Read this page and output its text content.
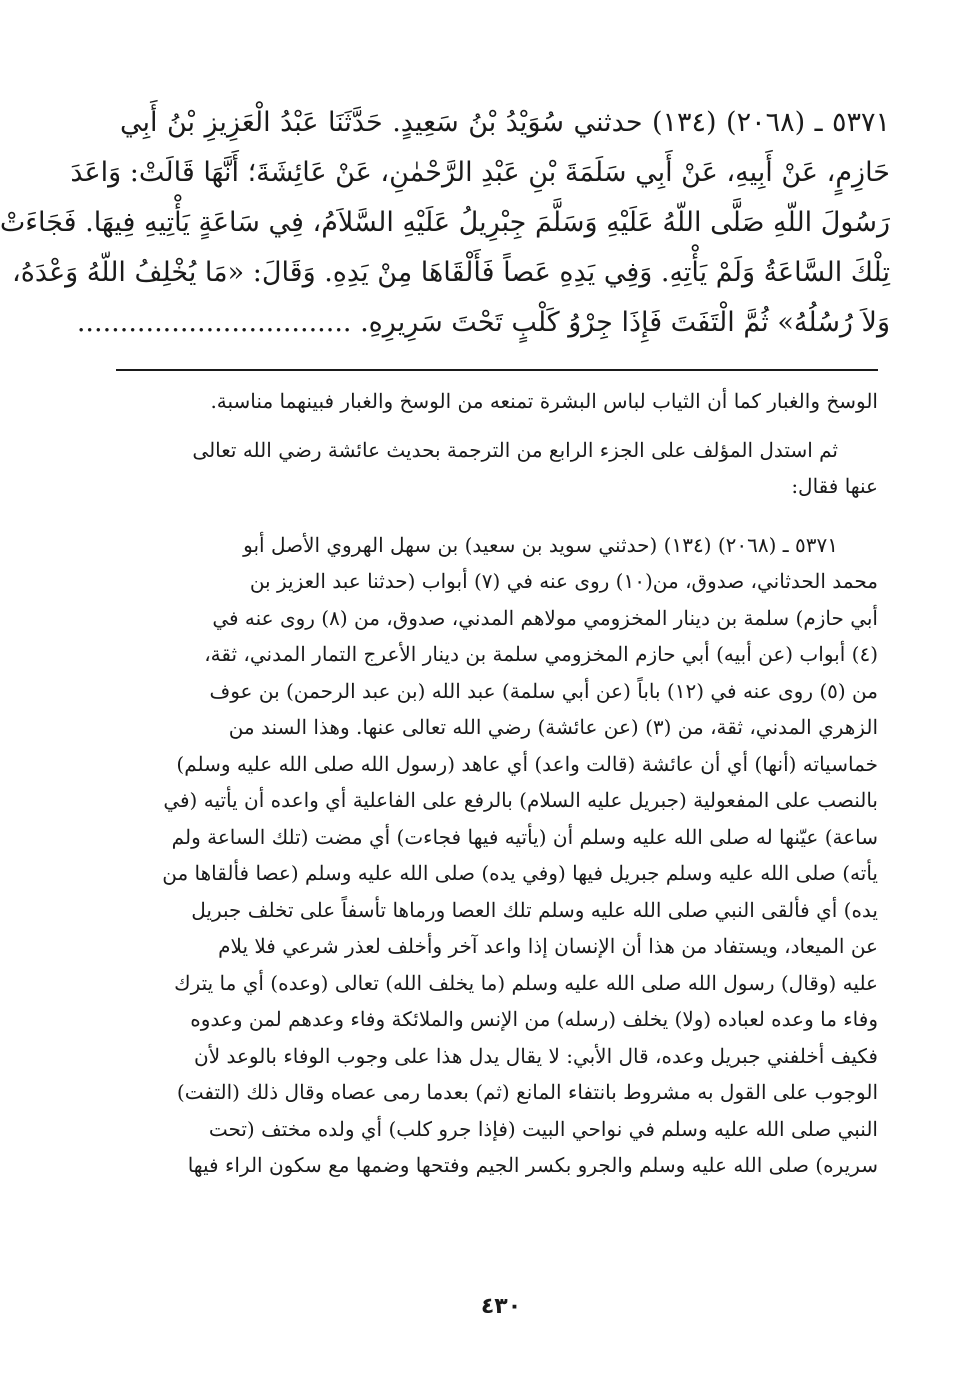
٥٣٧١ ـ (٢٠٦٨) (١٣٤) حدثني سُوَيْدُ بْنُ سَعِيدٍ. حَدَّثَنَا عَبْدُ الْعَزِيزِ بْنُ أَبِي
حَازِمٍ، عَنْ أَبِيهِ، عَنْ أَبِي سَلَمَةَ بْنِ عَبْدِ الرَّحْمٰنِ، عَنْ عَائِشَةَ؛ أَنَّهَا قَالَتْ: وَاعَدَ
رَسُولَ اللّهِ صَلَّى اللّهُ عَلَيْهِ وَسَلَّمَ جِبْرِيلُ عَلَيْهِ السَّلاَمُ، فِي سَاعَةٍ يَأْتِيهِ فِيهَا. فَجَاءَتْ
تِلْكَ السَّاعَةُ وَلَمْ يَأْتِهِ. وَفِي يَدِهِ عَصاً فَأَلْقَاهَا مِنْ يَدِهِ. وَقَالَ: «مَا يُخْلِفُ اللّهُ وَعْدَهُ،
وَلاَ رُسُلُهُ» ثُمَّ الْتَفَتَ فَإِذَا جِرْوُ كَلْبٍ تَحْتَ سَرِيرِهِ. ................................
الوسخ والغبار كما أن الثياب لباس البشرة تمنعه من الوسخ والغبار فبينهما مناسبة.
ثم استدل المؤلف على الجزء الرابع من الترجمة بحديث عائشة رضي الله تعالى
عنها فقال:
٥٣٧١ ـ (٢٠٦٨) (١٣٤) (حدثني سويد بن سعيد) بن سهل الهروي الأصل أبو
محمد الحدثاني، صدوق، من(١٠) روى عنه في (٧) أبواب (حدثنا عبد العزيز بن
أبي حازم) سلمة بن دينار المخزومي مولاهم المدني، صدوق، من (٨) روى عنه في
(٤) أبواب (عن أبيه) أبي حازم المخزومي سلمة بن دينار الأعرج التمار المدني، ثقة،
من (٥) روى عنه في (١٢) باباً (عن أبي سلمة) عبد الله (بن عبد الرحمن) بن عوف
الزهري المدني، ثقة، من (٣) (عن عائشة) رضي الله تعالى عنها. وهذا السند من
خماسياته (أنها) أي أن عائشة (قالت واعد) أي عاهد (رسول الله صلى الله عليه وسلم)
بالنصب على المفعولية (جبريل عليه السلام) بالرفع على الفاعلية أي واعده أن يأتيه (في
ساعة) عيّنها له صلى الله عليه وسلم أن (يأتيه فيها فجاءت) أي مضت (تلك الساعة ولم
يأته) صلى الله عليه وسلم جبريل فيها (وفي يده) صلى الله عليه وسلم (عصا فألقاها من
يده) أي فألقى النبي صلى الله عليه وسلم تلك العصا ورماها تأسفاً على تخلف جبريل
عن الميعاد، ويستفاد من هذا أن الإنسان إذا واعد آخر وأخلف لعذر شرعي فلا يلام
عليه (وقال) رسول الله صلى الله عليه وسلم (ما يخلف الله) تعالى (وعده) أي ما يترك
وفاء ما وعده لعباده (ولا) يخلف (رسله) من الإنس والملائكة وفاء وعدهم لمن وعدوه
فكيف أخلفني جبريل وعده، قال الأبي: لا يقال يدل هذا على وجوب الوفاء بالوعد لأن
الوجوب على القول به مشروط بانتفاء المانع (ثم) بعدما رمى عصاه وقال ذلك (التفت)
النبي صلى الله عليه وسلم في نواحي البيت (فإذا جرو كلب) أي ولده مختف (تحت
سريره) صلى الله عليه وسلم والجرو بكسر الجيم وفتحها وضمها مع سكون الراء فيها
٤٣٠
